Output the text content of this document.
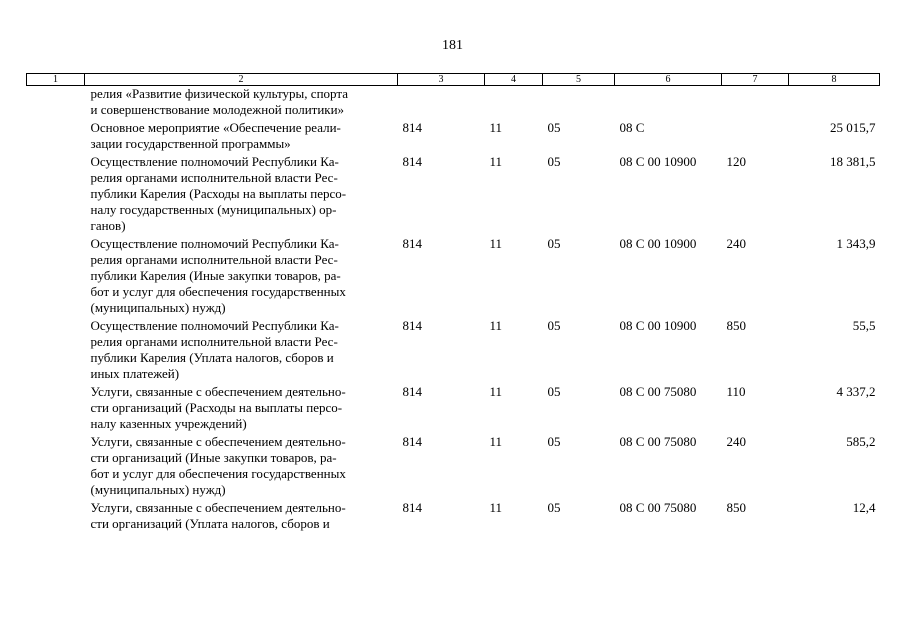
181
1	2	3	4	5	6	7	8

	релия «Развитие физической культуры, спорта
и совершенствование молодежной политики»						

	Основное мероприятие «Обеспечение реали-
зации государственной программы»	814	11	05	08 С		25 015,7

	Осуществление полномочий Республики Ка-
релия органами исполнительной власти Рес-
публики Карелия (Расходы на выплаты персо-
налу государственных (муниципальных) ор-
ганов)	814	11	05	08 С 00 10900	120	18 381,5

	Осуществление полномочий Республики Ка-
релия органами исполнительной власти Рес-
публики Карелия (Иные закупки товаров, ра-
бот и услуг для обеспечения государственных
(муниципальных) нужд)	814	11	05	08 С 00 10900	240	1 343,9

	Осуществление полномочий Республики Ка-
релия органами исполнительной власти Рес-
публики Карелия (Уплата налогов, сборов и
иных платежей)	814	11	05	08 С 00 10900	850	55,5

	Услуги, связанные с обеспечением деятельно-
сти организаций (Расходы на выплаты персо-
налу казенных учреждений)	814	11	05	08 С 00 75080	110	4 337,2

	Услуги, связанные с обеспечением деятельно-
сти организаций (Иные закупки товаров, ра-
бот и услуг для обеспечения государственных
(муниципальных) нужд)	814	11	05	08 С 00 75080	240	585,2

	Услуги, связанные с обеспечением деятельно-
сти организаций (Уплата налогов, сборов и	814	11	05	08 С 00 75080	850	12,4
